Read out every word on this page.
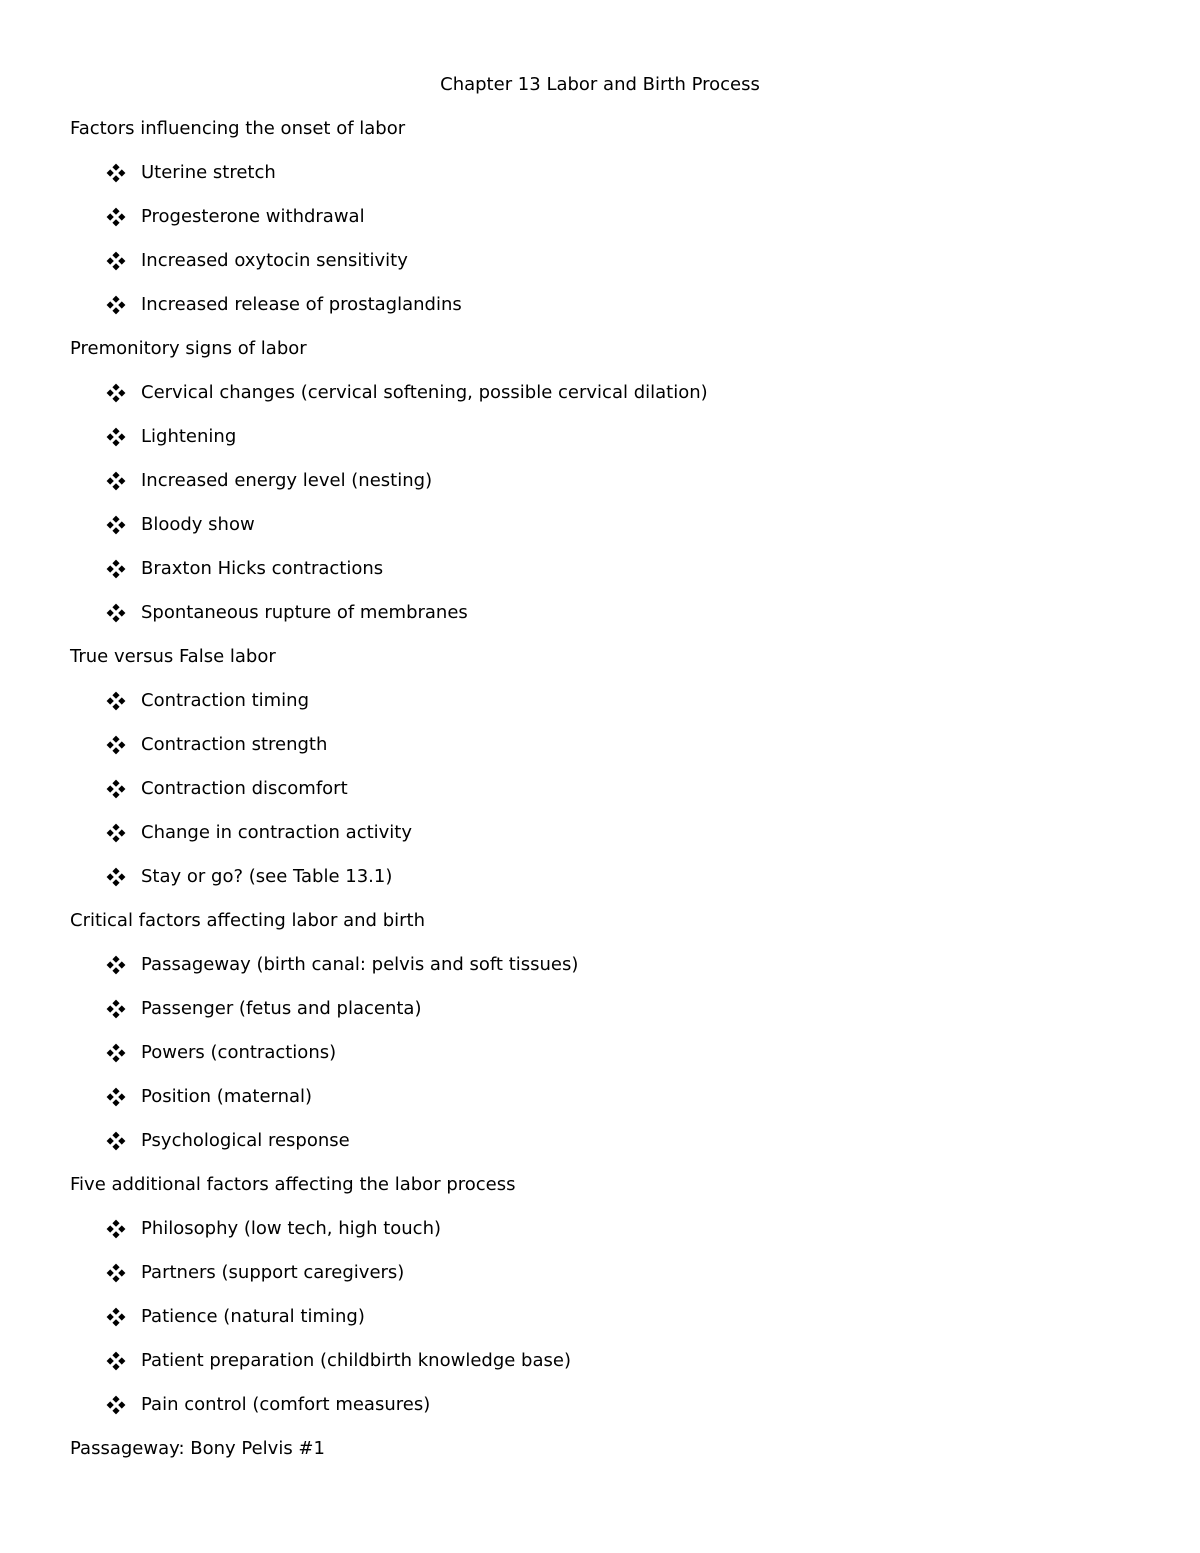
Chapter 13 Labor and Birth Process
Factors influencing the onset of labor
Uterine stretch
Progesterone withdrawal
Increased oxytocin sensitivity
Increased release of prostaglandins
Premonitory signs of labor
Cervical changes (cervical softening, possible cervical dilation)
Lightening
Increased energy level (nesting)
Bloody show
Braxton Hicks contractions
Spontaneous rupture of membranes
True versus False labor
Contraction timing
Contraction strength
Contraction discomfort
Change in contraction activity
Stay or go? (see Table 13.1)
Critical factors affecting labor and birth
Passageway (birth canal: pelvis and soft tissues)
Passenger (fetus and placenta)
Powers (contractions)
Position (maternal)
Psychological response
Five additional factors affecting the labor process
Philosophy (low tech, high touch)
Partners (support caregivers)
Patience (natural timing)
Patient preparation (childbirth knowledge base)
Pain control (comfort measures)
Passageway: Bony Pelvis #1
